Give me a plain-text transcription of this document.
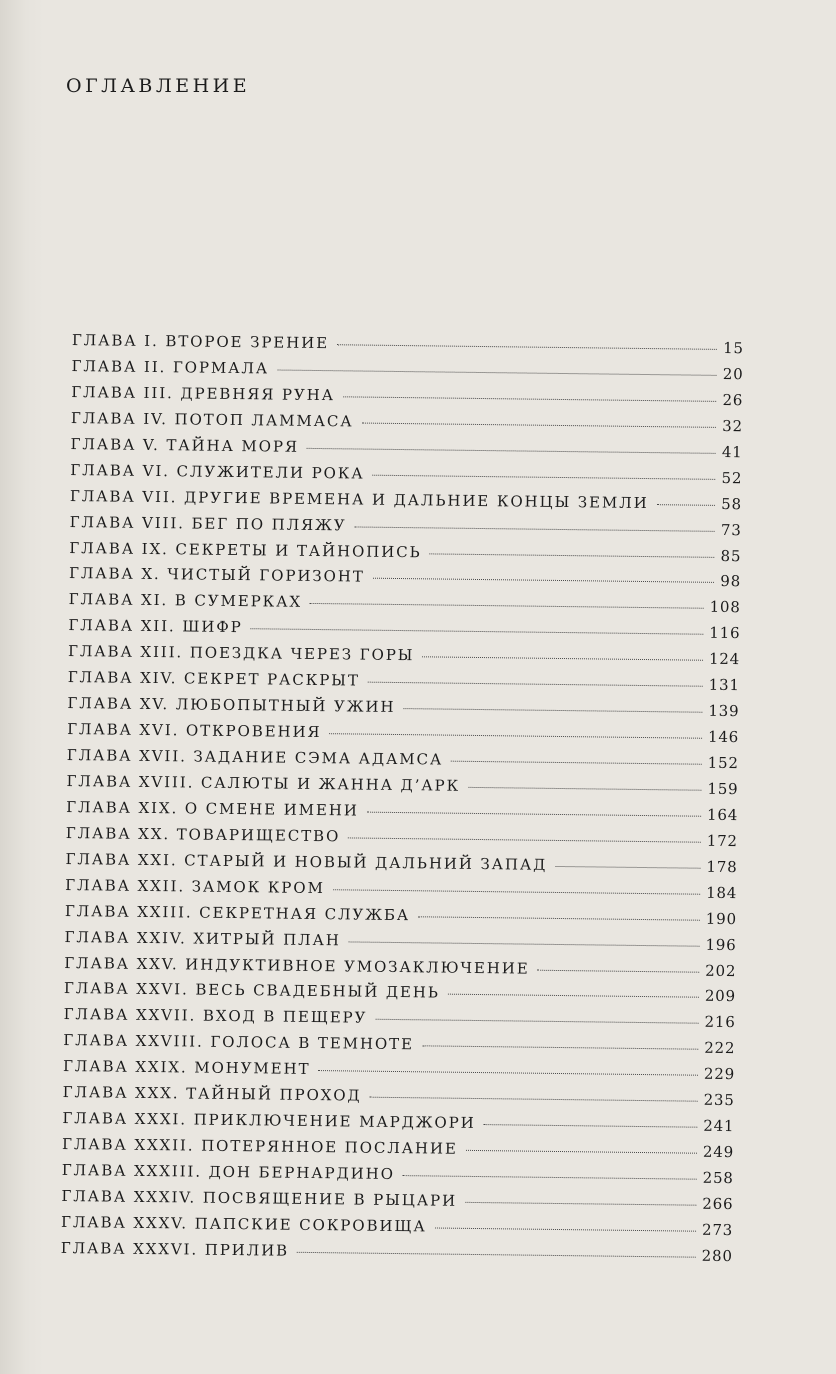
ОГЛАВЛЕНИЕ
ГЛАВА I. ВТОРОЕ ЗРЕНИЕ	15
ГЛАВА II. ГОРМАЛА	20
ГЛАВА III. ДРЕВНЯЯ РУНА	26
ГЛАВА IV. ПОТОП ЛАММАСА	32
ГЛАВА V. ТАЙНА МОРЯ	41
ГЛАВА VI. СЛУЖИТЕЛИ РОКА	52
ГЛАВА VII. ДРУГИЕ ВРЕМЕНА И ДАЛЬНИЕ КОНЦЫ ЗЕМЛИ	58
ГЛАВА VIII. БЕГ ПО ПЛЯЖУ	73
ГЛАВА IX. СЕКРЕТЫ И ТАЙНОПИСЬ	85
ГЛАВА X. ЧИСТЫЙ ГОРИЗОНТ	98
ГЛАВА XI. В СУМЕРКАХ	108
ГЛАВА XII. ШИФР	116
ГЛАВА XIII. ПОЕЗДКА ЧЕРЕЗ ГОРЫ	124
ГЛАВА XIV. СЕКРЕТ РАСКРЫТ	131
ГЛАВА XV. ЛЮБОПЫТНЫЙ УЖИН	139
ГЛАВА XVI. ОТКРОВЕНИЯ	146
ГЛАВА XVII. ЗАДАНИЕ СЭМА АДАМСА	152
ГЛАВА XVIII. САЛЮТЫ И ЖАННА Д’АРК	159
ГЛАВА XIX. О СМЕНЕ ИМЕНИ	164
ГЛАВА XX. ТОВАРИЩЕСТВО	172
ГЛАВА XXI. СТАРЫЙ И НОВЫЙ ДАЛЬНИЙ ЗАПАД	178
ГЛАВА XXII. ЗАМОК КРОМ	184
ГЛАВА XXIII. СЕКРЕТНАЯ СЛУЖБА	190
ГЛАВА XXIV. ХИТРЫЙ ПЛАН	196
ГЛАВА XXV. ИНДУКТИВНОЕ УМОЗАКЛЮЧЕНИЕ	202
ГЛАВА XXVI. ВЕСЬ СВАДЕБНЫЙ ДЕНЬ	209
ГЛАВА XXVII. ВХОД В ПЕЩЕРУ	216
ГЛАВА XXVIII. ГОЛОСА В ТЕМНОТЕ	222
ГЛАВА XXIX. МОНУМЕНТ	229
ГЛАВА XXX. ТАЙНЫЙ ПРОХОД	235
ГЛАВА XXXI. ПРИКЛЮЧЕНИЕ МАРДЖОРИ	241
ГЛАВА XXXII. ПОТЕРЯННОЕ ПОСЛАНИЕ	249
ГЛАВА XXXIII. ДОН БЕРНАРДИНО	258
ГЛАВА XXXIV. ПОСВЯЩЕНИЕ В РЫЦАРИ	266
ГЛАВА XXXV. ПАПСКИЕ СОКРОВИЩА	273
ГЛАВА XXXVI. ПРИЛИВ	280
